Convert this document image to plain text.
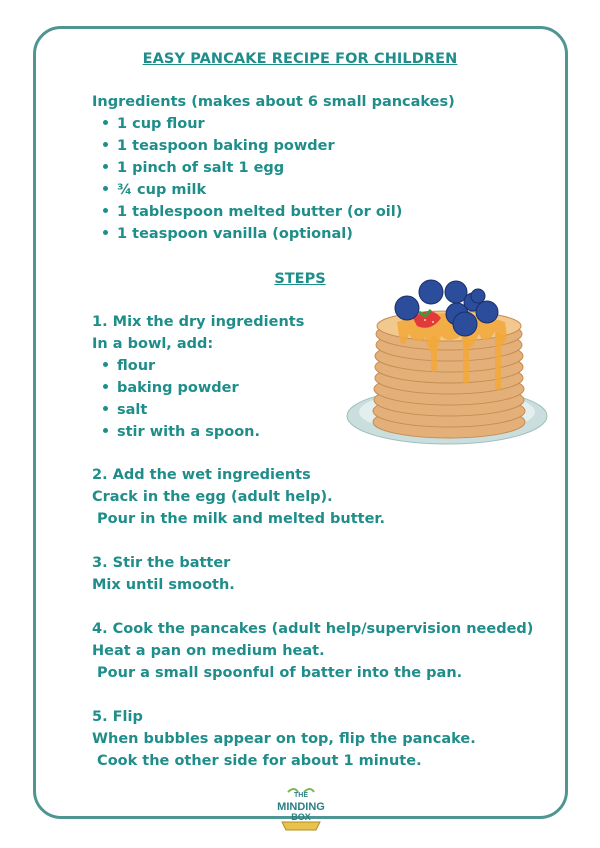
EASY PANCAKE RECIPE FOR CHILDREN
Ingredients (makes about 6 small pancakes)
1 cup flour
1 teaspoon baking powder
1 pinch of salt 1 egg
¾ cup milk
1 tablespoon melted butter (or oil)
1 teaspoon vanilla (optional)
STEPS
1. Mix the dry ingredients
In a bowl, add:
flour
baking powder
salt
stir with a spoon.
2. Add the wet ingredients
Crack in the egg (adult help).
Pour in the milk and melted butter.
3. Stir the batter
Mix until smooth.
4. Cook the pancakes (adult help/supervision needed)
Heat a pan on medium heat.
Pour a small spoonful of batter into the pan.
5. Flip
When bubbles appear on top, flip the pancake.
Cook the other side for about 1 minute.
THE
MINDING
BOX
